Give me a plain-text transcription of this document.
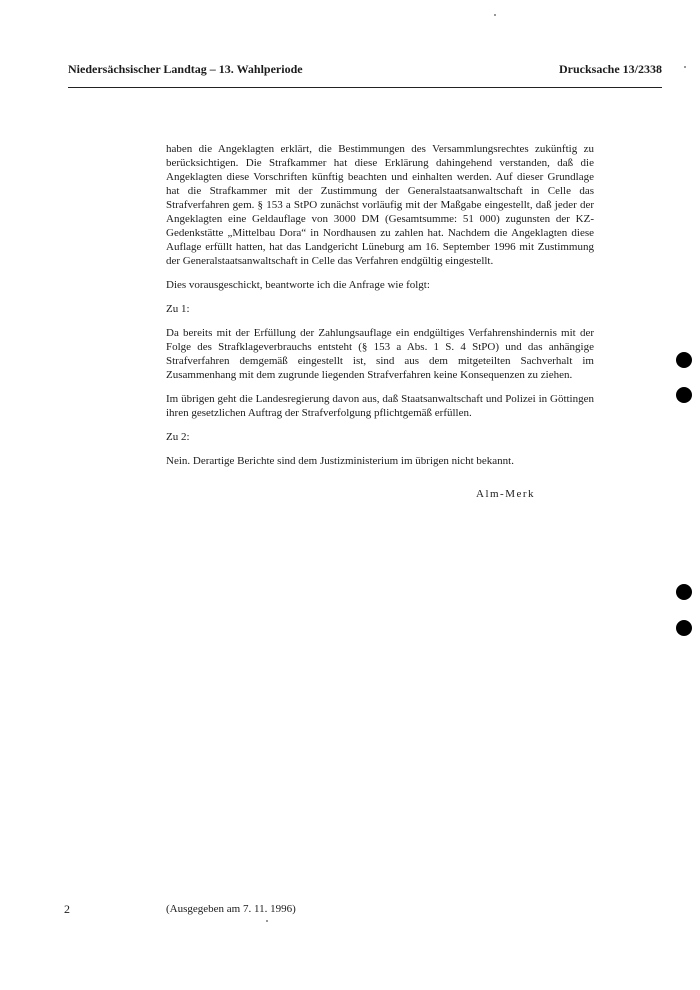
Niedersächsischer Landtag – 13. Wahlperiode	Drucksache 13/2338

haben die Angeklagten erklärt, die Bestimmungen des Versammlungsrechtes zukünftig zu berücksichtigen. Die Strafkammer hat diese Erklärung dahingehend verstanden, daß die Angeklagten diese Vorschriften künftig beachten und einhalten werden. Auf dieser Grundlage hat die Strafkammer mit der Zustimmung der Generalstaatsanwaltschaft in Celle das Strafverfahren gem. § 153 a StPO zunächst vorläufig mit der Maßgabe eingestellt, daß jeder der Angeklagten eine Geldauflage von 3000 DM (Gesamtsumme: 51 000) zugunsten der KZ-Gedenkstätte „Mittelbau Dora“ in Nordhausen zu zahlen hat. Nachdem die Angeklagten diese Auflage erfüllt hatten, hat das Landgericht Lüneburg am 16. September 1996 mit Zustimmung der Generalstaatsanwaltschaft in Celle das Verfahren endgültig eingestellt.

Dies vorausgeschickt, beantworte ich die Anfrage wie folgt:

Zu 1:

Da bereits mit der Erfüllung der Zahlungsauflage ein endgültiges Verfahrenshindernis mit der Folge des Strafklageverbrauchs entsteht (§ 153 a Abs. 1 S. 4 StPO) und das anhängige Strafverfahren demgemäß eingestellt ist, sind aus dem mitgeteilten Sachverhalt im Zusammenhang mit dem zugrunde liegenden Strafverfahren keine Konsequenzen zu ziehen.

Im übrigen geht die Landesregierung davon aus, daß Staatsanwaltschaft und Polizei in Göttingen ihren gesetzlichen Auftrag der Strafverfolgung pflichtgemäß erfüllen.

Zu 2:

Nein. Derartige Berichte sind dem Justizministerium im übrigen nicht bekannt.

Alm-Merk
2	(Ausgegeben am 7. 11. 1996)
